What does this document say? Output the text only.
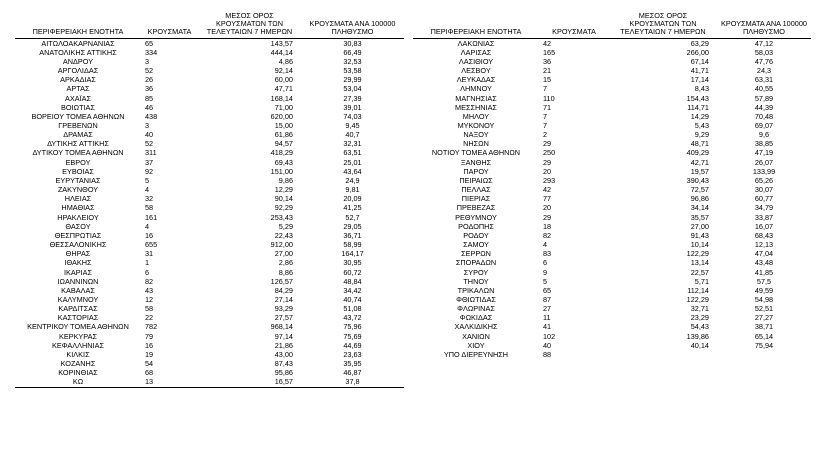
ΠΕΡΙΦΕΡΕΙΑΚΗ ΕΝΟΤΗΤΑ	ΚΡΟΥΣΜΑΤΑ	ΜΕΣΟΣ ΟΡΟΣ
ΚΡΟΥΣΜΑΤΩΝ ΤΩΝ
ΤΕΛΕΥΤΑΙΩΝ 7 ΗΜΕΡΩΝ	ΚΡΟΥΣΜΑΤΑ ΑΝΑ 100000
ΠΛΗΘΥΣΜΟ
ΑΙΤΩΛΟΑΚΑΡΝΑΝΙΑΣ	65	143,57	30,83
ΑΝΑΤΟΛΙΚΗΣ ΑΤΤΙΚΗΣ	334	444,14	66,49
ΑΝΔΡΟΥ	3	4,86	32,53
ΑΡΓΟΛΙΔΑΣ	52	92,14	53,58
ΑΡΚΑΔΙΑΣ	26	60,00	29,99
ΑΡΤΑΣ	36	47,71	53,04
ΑΧΑΪΑΣ	85	168,14	27,39
ΒΟΙΩΤΙΑΣ	46	71,00	39,01
ΒΟΡΕΙΟΥ ΤΟΜΕΑ ΑΘΗΝΩΝ	438	620,00	74,03
ΓΡΕΒΕΝΩΝ	3	15,00	9,45
ΔΡΑΜΑΣ	40	61,86	40,7
ΔΥΤΙΚΗΣ ΑΤΤΙΚΗΣ	52	94,57	32,31
ΔΥΤΙΚΟΥ ΤΟΜΕΑ ΑΘΗΝΩΝ	311	418,29	63,51
ΕΒΡΟΥ	37	69,43	25,01
ΕΥΒΟΙΑΣ	92	151,00	43,64
ΕΥΡΥΤΑΝΙΑΣ	5	9,86	24,9
ΖΑΚΥΝΘΟΥ	4	12,29	9,81
ΗΛΕΙΑΣ	32	90,14	20,09
ΗΜΑΘΙΑΣ	58	92,29	41,25
ΗΡΑΚΛΕΙΟΥ	161	253,43	52,7
ΘΑΣΟΥ	4	5,29	29,05
ΘΕΣΠΡΩΤΙΑΣ	16	22,43	36,71
ΘΕΣΣΑΛΟΝΙΚΗΣ	655	912,00	58,99
ΘΗΡΑΣ	31	27,00	164,17
ΙΘΑΚΗΣ	1	2,86	30,95
ΙΚΑΡΙΑΣ	6	8,86	60,72
ΙΩΑΝΝΙΝΩΝ	82	126,57	48,84
ΚΑΒΑΛΑΣ	43	84,29	34,42
ΚΑΛΥΜΝΟΥ	12	27,14	40,74
ΚΑΡΔΙΤΣΑΣ	58	93,29	51,08
ΚΑΣΤΟΡΙΑΣ	22	27,57	43,72
ΚΕΝΤΡΙΚΟΥ ΤΟΜΕΑ ΑΘΗΝΩΝ	782	968,14	75,96
ΚΕΡΚΥΡΑΣ	79	97,14	75,69
ΚΕΦΑΛΛΗΝΙΑΣ	16	21,86	44,69
ΚΙΛΚΙΣ	19	43,00	23,63
ΚΟΖΑΝΗΣ	54	87,43	35,95
ΚΟΡΙΝΘΙΑΣ	68	95,86	46,87
ΚΩ	13	16,57	37,8
ΠΕΡΙΦΕΡΕΙΑΚΗ ΕΝΟΤΗΤΑ	ΚΡΟΥΣΜΑΤΑ	ΜΕΣΟΣ ΟΡΟΣ
ΚΡΟΥΣΜΑΤΩΝ ΤΩΝ
ΤΕΛΕΥΤΑΙΩΝ 7 ΗΜΕΡΩΝ	ΚΡΟΥΣΜΑΤΑ ΑΝΑ 100000
ΠΛΗΘΥΣΜΟ
ΛΑΚΩΝΙΑΣ	42	63,29	47,12
ΛΑΡΙΣΑΣ	165	266,00	58,03
ΛΑΣΙΘΙΟΥ	36	67,14	47,76
ΛΕΣΒΟΥ	21	41,71	24,3
ΛΕΥΚΑΔΑΣ	15	17,14	63,31
ΛΗΜΝΟΥ	7	8,43	40,55
ΜΑΓΝΗΣΙΑΣ	110	154,43	57,89
ΜΕΣΣΗΝΙΑΣ	71	114,71	44,39
ΜΗΛΟΥ	7	14,29	70,48
ΜΥΚΟΝΟΥ	7	5,43	69,07
ΝΑΞΟΥ	2	9,29	9,6
ΝΗΣΩΝ	29	48,71	38,85
ΝΟΤΙΟΥ ΤΟΜΕΑ ΑΘΗΝΩΝ	250	409,29	47,19
ΞΑΝΘΗΣ	29	42,71	26,07
ΠΑΡΟΥ	20	19,57	133,99
ΠΕΙΡΑΙΩΣ	293	390,43	65,26
ΠΕΛΛΑΣ	42	72,57	30,07
ΠΙΕΡΙΑΣ	77	96,86	60,77
ΠΡΕΒΕΖΑΣ	20	34,14	34,79
ΡΕΘΥΜΝΟΥ	29	35,57	33,87
ΡΟΔΟΠΗΣ	18	27,00	16,07
ΡΟΔΟΥ	82	91,43	68,43
ΣΑΜΟΥ	4	10,14	12,13
ΣΕΡΡΩΝ	83	122,29	47,04
ΣΠΟΡΑΔΩΝ	6	13,14	43,48
ΣΥΡΟΥ	9	22,57	41,85
ΤΗΝΟΥ	5	5,71	57,5
ΤΡΙΚΑΛΩΝ	65	112,14	49,59
ΦΘΙΩΤΙΔΑΣ	87	122,29	54,98
ΦΛΩΡΙΝΑΣ	27	32,71	52,51
ΦΩΚΙΔΑΣ	11	23,29	27,27
ΧΑΛΚΙΔΙΚΗΣ	41	54,43	38,71
ΧΑΝΙΩΝ	102	139,86	65,14
ΧΙΟΥ	40	40,14	75,94
ΥΠΟ ΔΙΕΡΕΥΝΗΣΗ	88		
